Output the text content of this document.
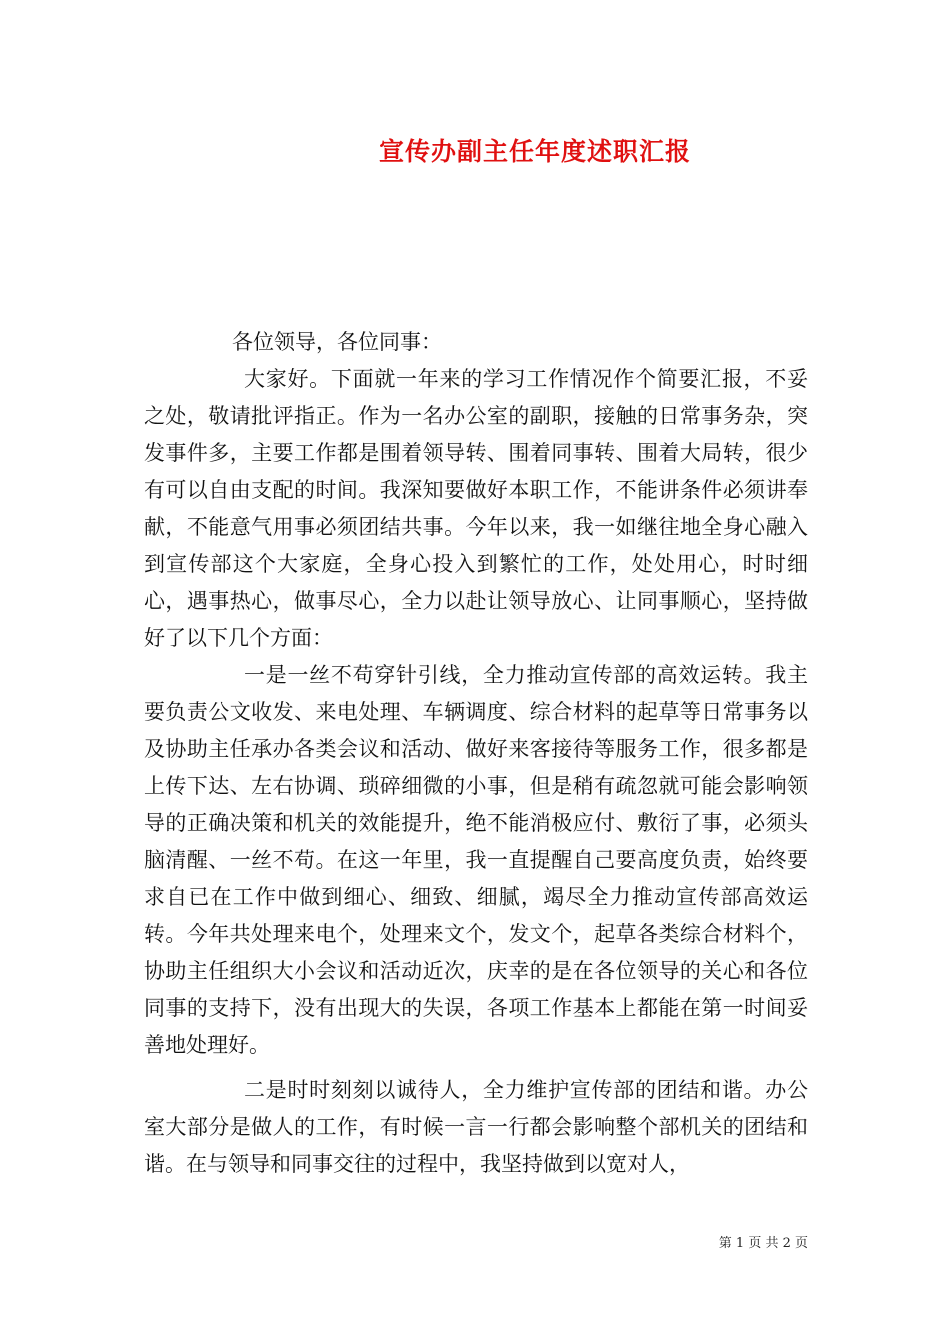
宣传办副主任年度述职汇报

各位领导，各位同事：

大家好。下面就一年来的学习工作情况作个简要汇报，不妥之处，敬请批评指正。作为一名办公室的副职，接触的日常事务杂，突发事件多，主要工作都是围着领导转、围着同事转、围着大局转，很少有可以自由支配的时间。我深知要做好本职工作，不能讲条件必须讲奉献，不能意气用事必须团结共事。今年以来，我一如继往地全身心融入到宣传部这个大家庭，全身心投入到繁忙的工作，处处用心，时时细心，遇事热心，做事尽心，全力以赴让领导放心、让同事顺心，坚持做好了以下几个方面：

一是一丝不苟穿针引线，全力推动宣传部的高效运转。我主要负责公文收发、来电处理、车辆调度、综合材料的起草等日常事务以及协助主任承办各类会议和活动、做好来客接待等服务工作，很多都是上传下达、左右协调、琐碎细微的小事，但是稍有疏忽就可能会影响领导的正确决策和机关的效能提升，绝不能消极应付、敷衍了事，必须头脑清醒、一丝不苟。在这一年里，我一直提醒自己要高度负责，始终要求自已在工作中做到细心、细致、细腻，竭尽全力推动宣传部高效运转。今年共处理来电个，处理来文个，发文个，起草各类综合材料个，协助主任组织大小会议和活动近次，庆幸的是在各位领导的关心和各位同事的支持下，没有出现大的失误，各项工作基本上都能在第一时间妥善地处理好。

二是时时刻刻以诚待人，全力维护宣传部的团结和谐。办公室大部分是做人的工作，有时候一言一行都会影响整个部机关的团结和谐。在与领导和同事交往的过程中，我坚持做到以宽对人，

第 1 页 共 2 页
